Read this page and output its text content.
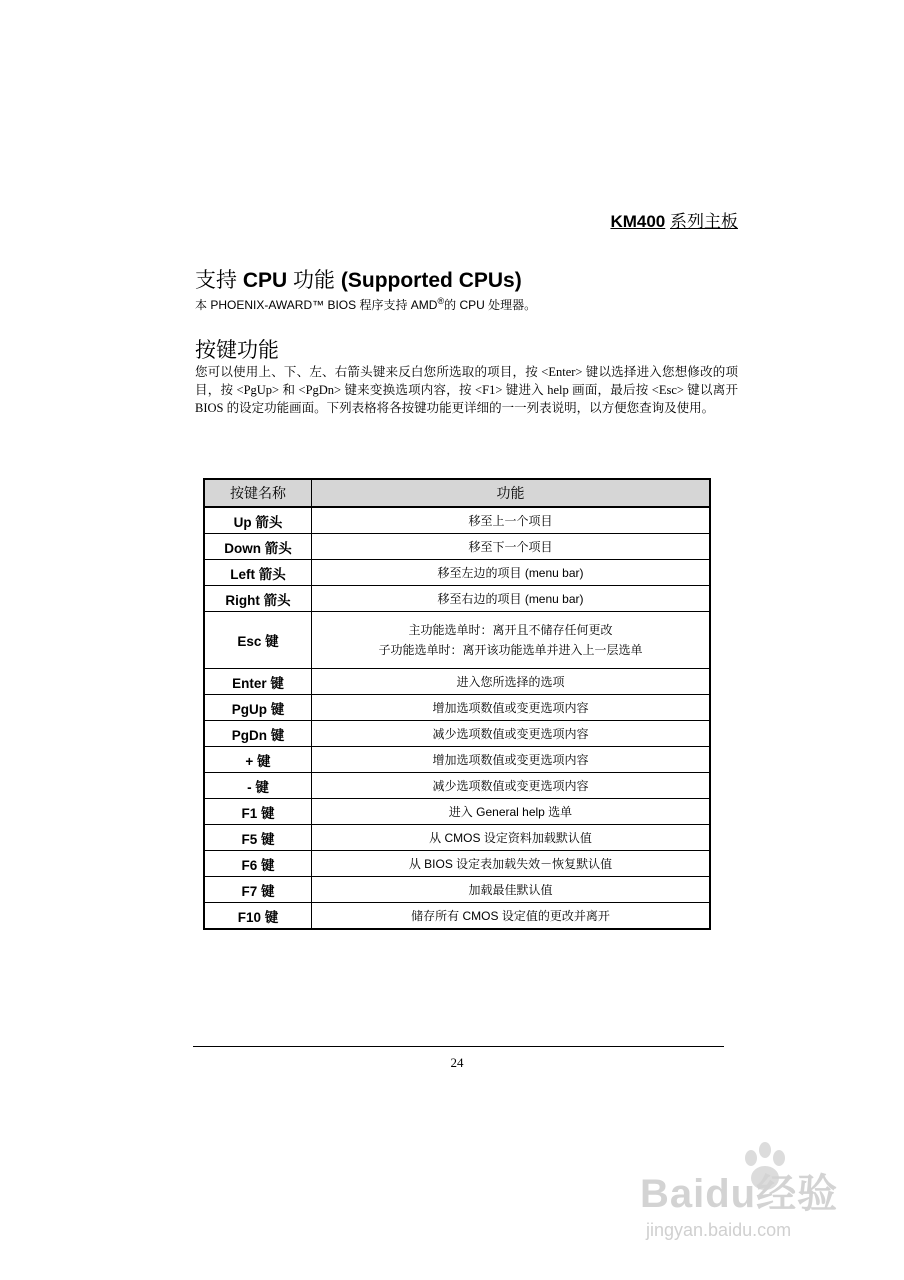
KM400 系列主板
支持 CPU 功能 (Supported CPUs)
本 PHOENIX-AWARD™ BIOS 程序支持 AMD®的 CPU 处理器。
按键功能
您可以使用上、下、左、右箭头键来反白您所选取的项目，按 <Enter> 键以选择进入您想修改的项目，按 <PgUp> 和 <PgDn> 键来变换选项内容，按 <F1> 键进入 help 画面，最后按 <Esc> 键以离开 BIOS 的设定功能画面。下列表格将各按键功能更详细的一一列表说明，以方便您查询及使用。
按键名称	功能
Up 箭头	移至上一个项目
Down 箭头	移至下一个项目
Left 箭头	移至左边的项目 (menu bar)
Right 箭头	移至右边的项目 (menu bar)
Esc 键	主功能选单时：离开且不储存任何更改
子功能选单时：离开该功能选单并进入上一层选单

Enter 键	进入您所选择的选项
PgUp 键	增加选项数值或变更选项内容
PgDn 键	减少选项数值或变更选项内容
+ 键	增加选项数值或变更选项内容
- 键	减少选项数值或变更选项内容
F1 键	进入 General help 选单
F5 键	从 CMOS 设定资料加载默认值
F6 键	从 BIOS 设定表加载失效－恢复默认值
F7 键	加载最佳默认值
F10 键	储存所有 CMOS 设定值的更改并离开
24
Baidu经验
jingyan.baidu.com
